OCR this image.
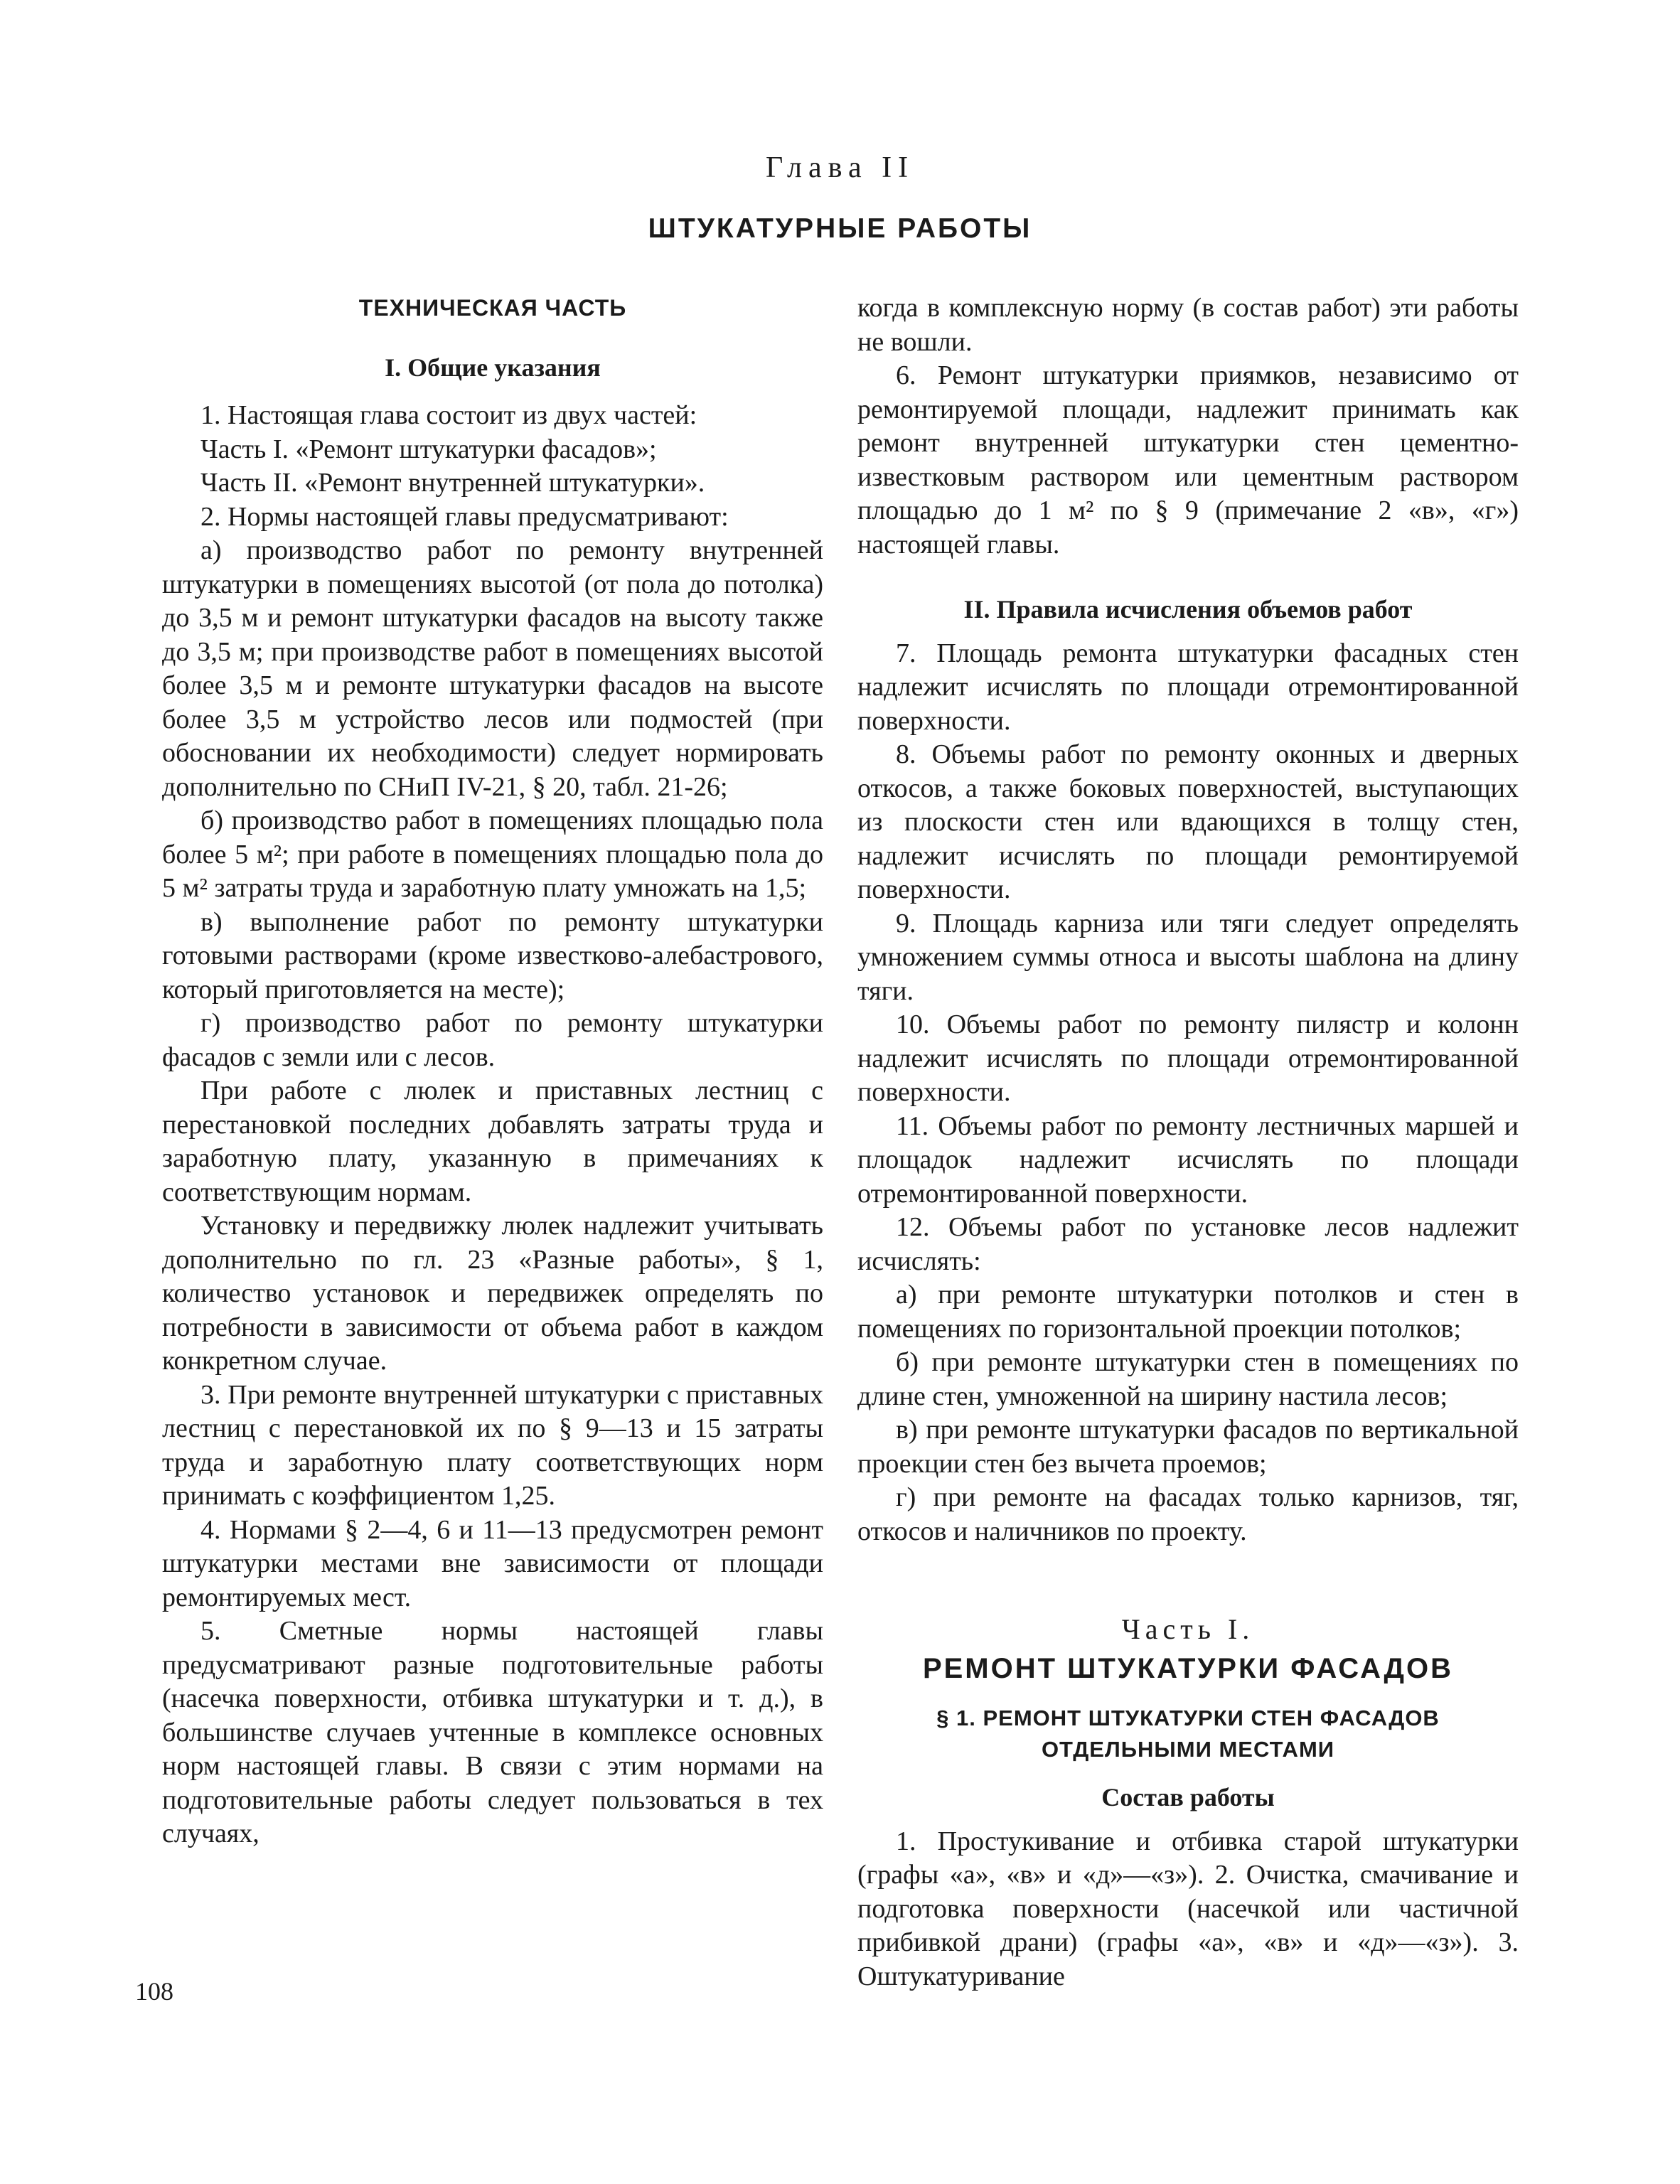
Глава II
ШТУКАТУРНЫЕ РАБОТЫ

ТЕХНИЧЕСКАЯ ЧАСТЬ

I. Общие указания

1. Настоящая глава состоит из двух частей:

Часть I. «Ремонт штукатурки фасадов»;

Часть II. «Ремонт внутренней штукатурки».

2. Нормы настоящей главы предусматривают:

а) производство работ по ремонту внутренней штукатурки в помещениях высотой (от пола до потолка) до 3,5 м и ремонт штукатурки фасадов на высоту также до 3,5 м; при производстве работ в помещениях высотой более 3,5 м и ремонте штукатурки фасадов на высоте более 3,5 м устройство лесов или подмостей (при обосновании их необходимости) следует нормировать дополнительно по СНиП IV-21, § 20, табл. 21-26;

б) производство работ в помещениях площадью пола более 5 м²; при работе в помещениях площадью пола до 5 м² затраты труда и заработную плату умножать на 1,5;

в) выполнение работ по ремонту штукатурки готовыми растворами (кроме известково-алебастрового, который приготовляется на месте);

г) производство работ по ремонту штукатурки фасадов с земли или с лесов.

При работе с люлек и приставных лестниц с перестановкой последних добавлять затраты труда и заработную плату, указанную в примечаниях к соответствующим нормам.

Установку и передвижку люлек надлежит учитывать дополнительно по гл. 23 «Разные работы», § 1, количество установок и передвижек определять по потребности в зависимости от объема работ в каждом конкретном случае.

3. При ремонте внутренней штукатурки с приставных лестниц с перестановкой их по § 9—13 и 15 затраты труда и заработную плату соответствующих норм принимать с коэффициентом 1,25.

4. Нормами § 2—4, 6 и 11—13 предусмотрен ремонт штукатурки местами вне зависимости от площади ремонтируемых мест.

5. Сметные нормы настоящей главы предусматривают разные подготовительные работы (насечка поверхности, отбивка штукатурки и т. д.), в большинстве случаев учтенные в комплексе основных норм настоящей главы. В связи с этим нормами на подготовительные работы следует пользоваться в тех случаях,

когда в комплексную норму (в состав работ) эти работы не вошли.

6. Ремонт штукатурки приямков, независимо от ремонтируемой площади, надлежит принимать как ремонт внутренней штукатурки стен цементно-известковым раствором или цементным раствором площадью до 1 м² по § 9 (примечание 2 «в», «г») настоящей главы.

II. Правила исчисления объемов работ

7. Площадь ремонта штукатурки фасадных стен надлежит исчислять по площади отремонтированной поверхности.

8. Объемы работ по ремонту оконных и дверных откосов, а также боковых поверхностей, выступающих из плоскости стен или вдающихся в толщу стен, надлежит исчислять по площади ремонтируемой поверхности.

9. Площадь карниза или тяги следует определять умножением суммы относа и высоты шаблона на длину тяги.

10. Объемы работ по ремонту пилястр и колонн надлежит исчислять по площади отремонтированной поверхности.

11. Объемы работ по ремонту лестничных маршей и площадок надлежит исчислять по площади отремонтированной поверхности.

12. Объемы работ по установке лесов надлежит исчислять:

а) при ремонте штукатурки потолков и стен в помещениях по горизонтальной проекции потолков;

б) при ремонте штукатурки стен в помещениях по длине стен, умноженной на ширину настила лесов;

в) при ремонте штукатурки фасадов по вертикальной проекции стен без вычета проемов;

г) при ремонте на фасадах только карнизов, тяг, откосов и наличников по проекту.

Часть I.

РЕМОНТ ШТУКАТУРКИ ФАСАДОВ

§ 1. РЕМОНТ ШТУКАТУРКИ СТЕН ФАСАДОВ ОТДЕЛЬНЫМИ МЕСТАМИ

Состав работы

1. Простукивание и отбивка старой штукатурки (графы «а», «в» и «д»—«з»). 2. Очистка, смачивание и подготовка поверхности (насечкой или частичной прибивкой драни) (графы «а», «в» и «д»—«з»). 3. Оштукатуривание

108
